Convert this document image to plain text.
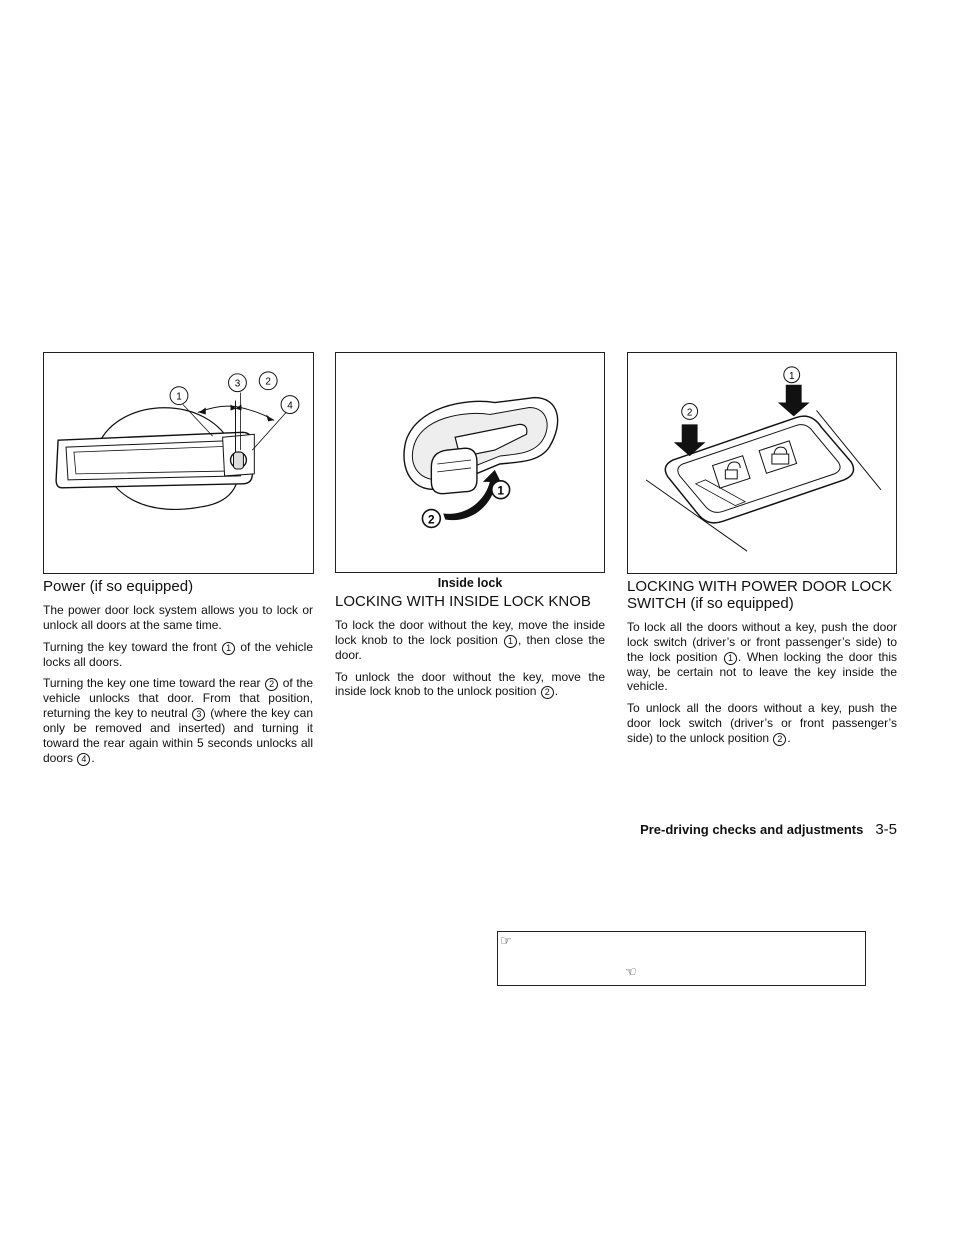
1
3	2
4
1
2
Inside lock
1
2
Power (if so equipped)

The power door lock system allows you to lock or unlock all doors at the same time.

Turning the key toward the front 1 of the vehicle locks all doors.

Turning the key one time toward the rear 2 of the vehicle unlocks that door. From that position, returning the key to neutral 3 (where the key can only be removed and inserted) and turning it toward the rear again within 5 seconds unlocks all doors 4 .

LOCKING WITH INSIDE LOCK KNOB

To lock the door without the key, move the inside lock knob to the lock position 1 , then close the door.

To unlock the door without the key, move the inside lock knob to the unlock position 2 .

LOCKING WITH POWER DOOR LOCK SWITCH (if so equipped)

To lock all the doors without a key, push the door lock switch (driver’s or front passenger’s side) to the lock position 1 . When locking the door this way, be certain not to leave the key inside the vehicle.

To unlock all the doors without a key, push the door lock switch (driver’s or front passenger’s side) to the unlock position 2 .

Pre-driving checks and adjustments 3-5
☞
☜
